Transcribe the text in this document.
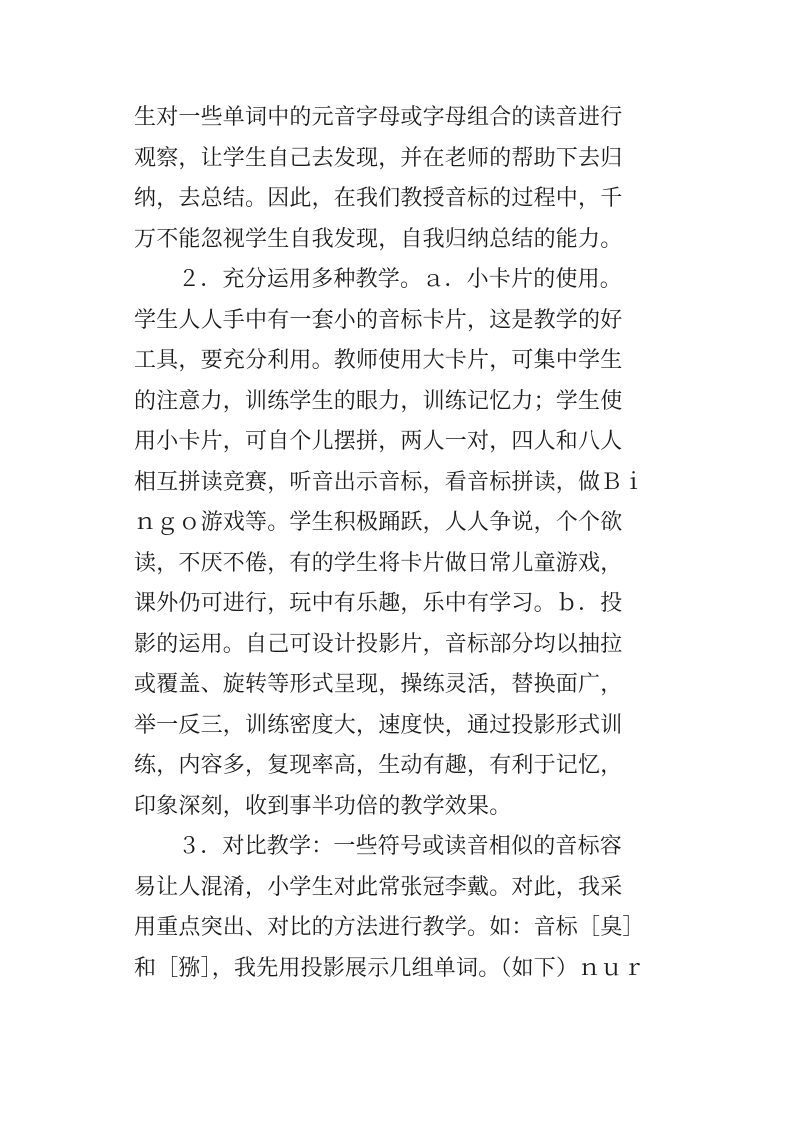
生对一些单词中的元音字母或字母组合的读音进行
观察，让学生自己去发现，并在老师的帮助下去归
纳，去总结。因此，在我们教授音标的过程中，千
万不能忽视学生自我发现，自我归纳总结的能力。
２．充分运用多种教学。ａ．小卡片的使用。
学生人人手中有一套小的音标卡片，这是教学的好
工具，要充分利用。教师使用大卡片，可集中学生
的注意力，训练学生的眼力，训练记忆力；学生使
用小卡片，可自个儿摆拼，两人一对，四人和八人
相互拼读竞赛，听音出示音标，看音标拼读，做Ｂｉ
ｎｇｏ游戏等。学生积极踊跃，人人争说，个个欲
读，不厌不倦，有的学生将卡片做日常儿童游戏，
课外仍可进行，玩中有乐趣，乐中有学习。ｂ．投
影的运用。自己可设计投影片，音标部分均以抽拉
或覆盖、旋转等形式呈现，操练灵活，替换面广，
举一反三，训练密度大，速度快，通过投影形式训
练，内容多，复现率高，生动有趣，有利于记忆，
印象深刻，收到事半功倍的教学效果。
３．对比教学：一些符号或读音相似的音标容
易让人混淆，小学生对此常张冠李戴。对此，我采
用重点突出、对比的方法进行教学。如：音标［臭］
和［猕］，我先用投影展示几组单词。（如下）ｎｕｒ
